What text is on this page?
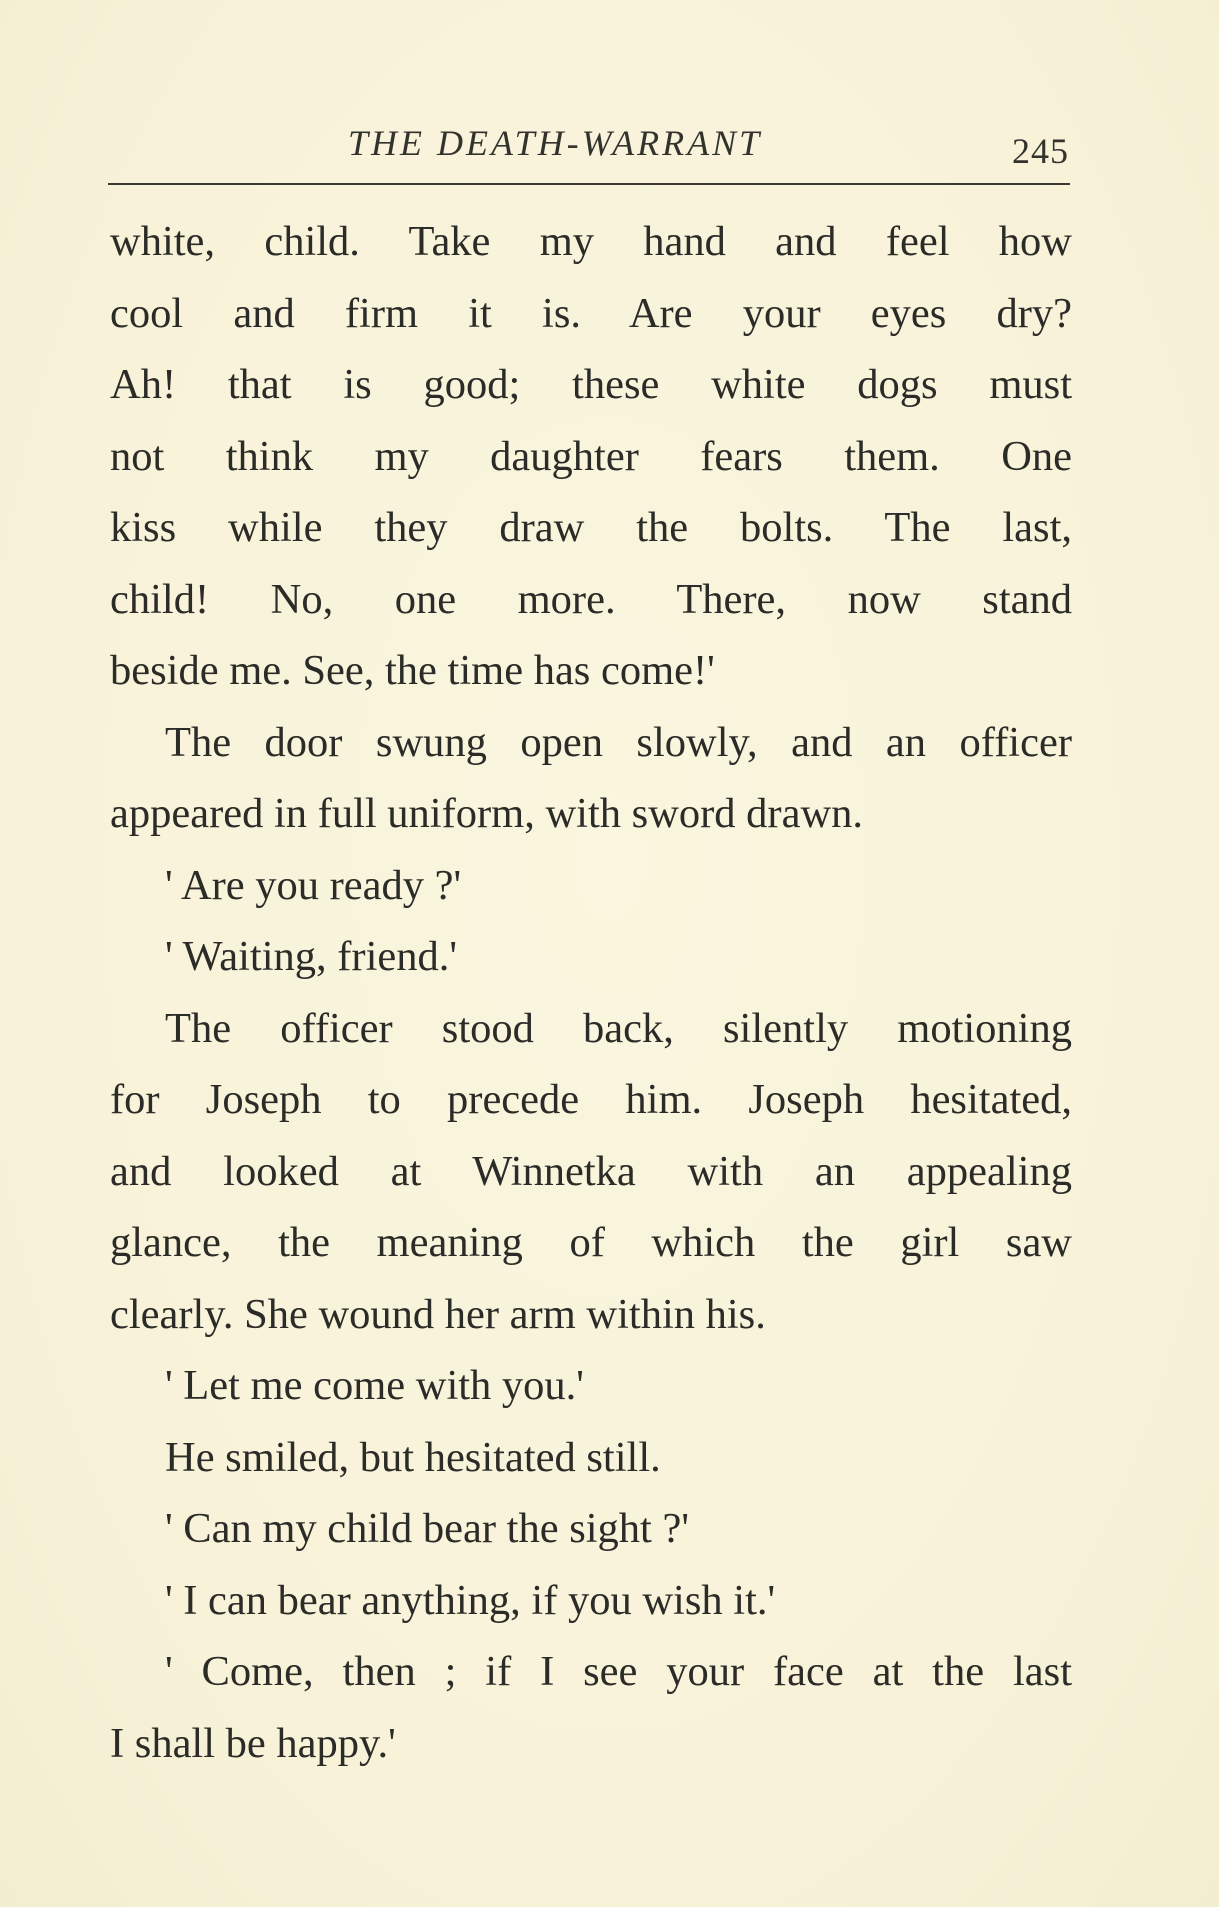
THE DEATH-WARRANT	245
white, child. Take my hand and feel how
cool and firm it is. Are your eyes dry?
Ah! that is good; these white dogs must
not think my daughter fears them. One
kiss while they draw the bolts. The last,
child! No, one more. There, now stand
beside me. See, the time has come!'
The door swung open slowly, and an officer
appeared in full uniform, with sword drawn.
' Are you ready ?'
' Waiting, friend.'
The officer stood back, silently motioning
for Joseph to precede him. Joseph hesitated,
and looked at Winnetka with an appealing
glance, the meaning of which the girl saw
clearly. She wound her arm within his.
' Let me come with you.'
He smiled, but hesitated still.
' Can my child bear the sight ?'
' I can bear anything, if you wish it.'
' Come, then ; if I see your face at the last
I shall be happy.'
